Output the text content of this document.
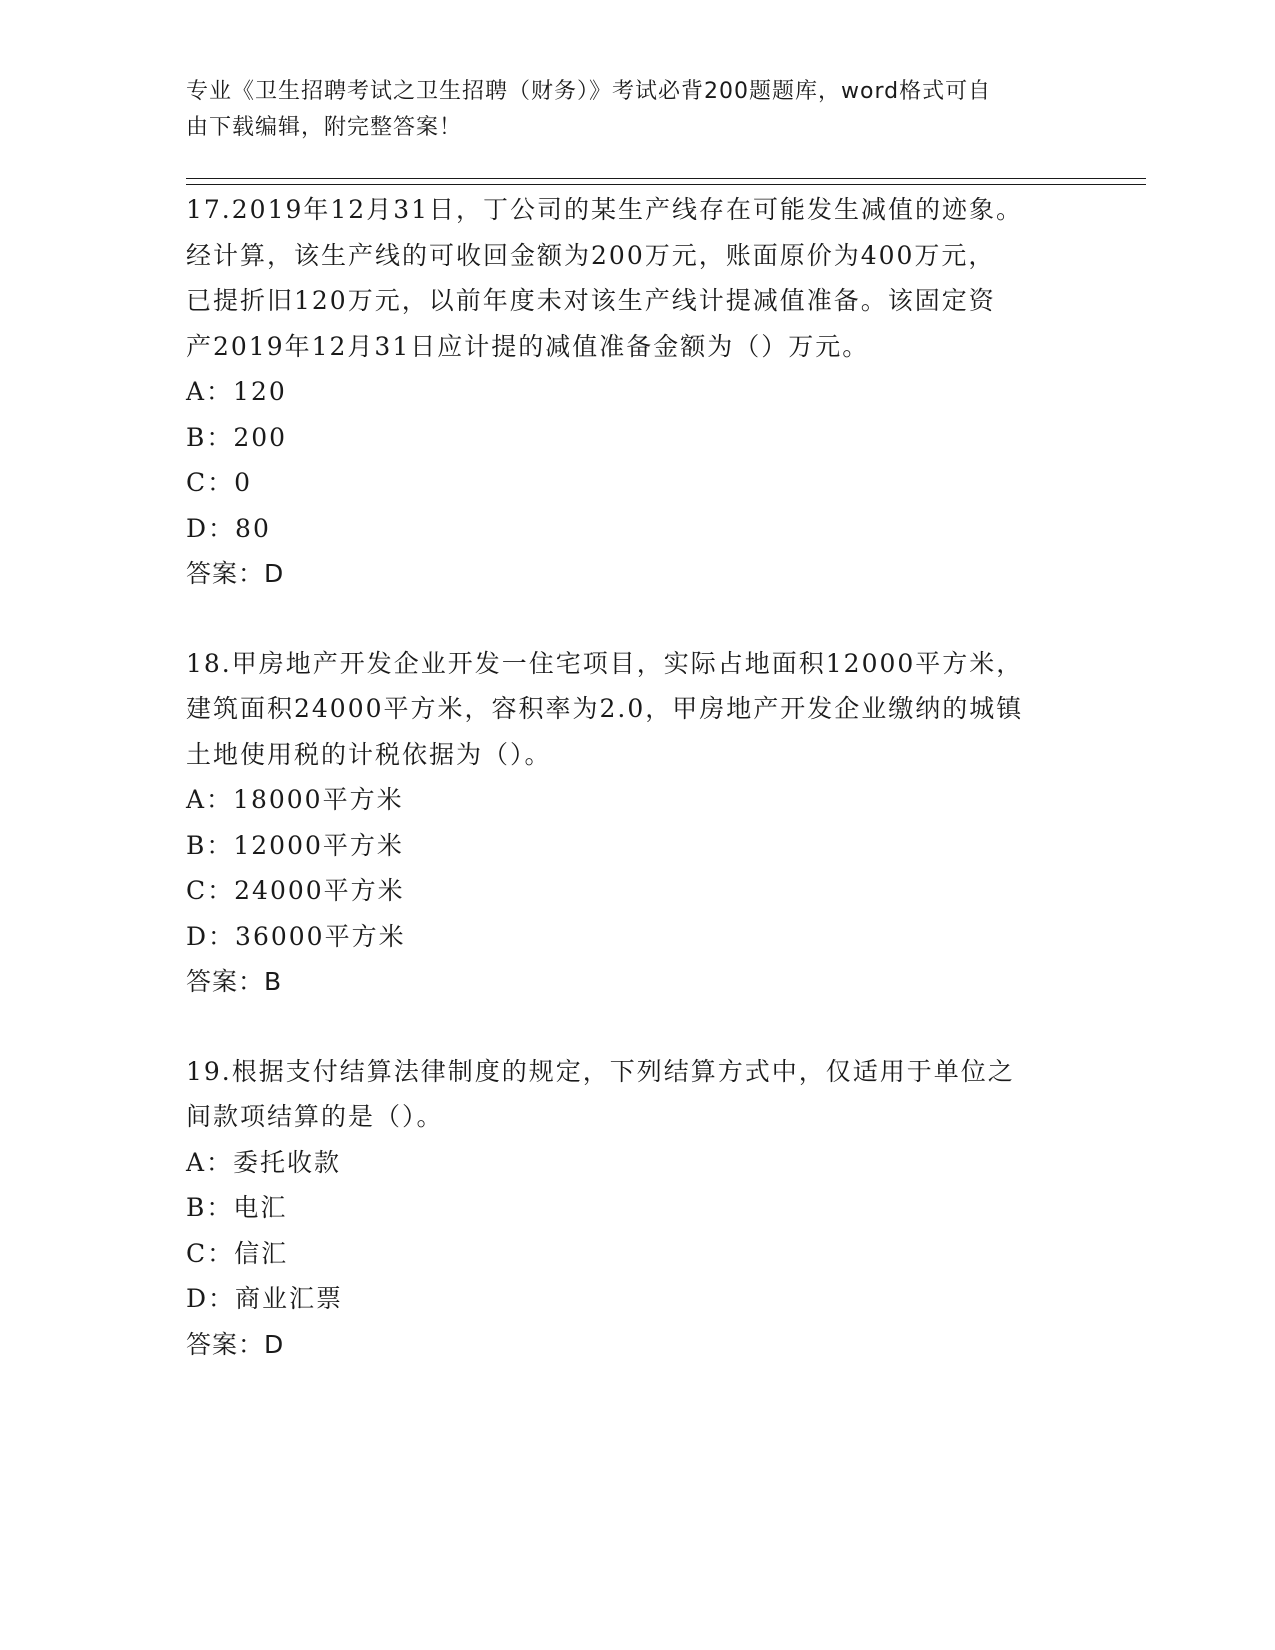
专业《卫生招聘考试之卫生招聘（财务）》考试必背200题题库，word格式可自
由下载编辑，附完整答案！
17.2019年12月31日，丁公司的某生产线存在可能发生减值的迹象。
经计算，该生产线的可收回金额为200万元，账面原价为400万元，
已提折旧120万元，以前年度未对该生产线计提减值准备。该固定资
产2019年12月31日应计提的减值准备金额为（）万元。
A：120
B：200
C：0
D：80
答案：D
18.甲房地产开发企业开发一住宅项目，实际占地面积12000平方米，
建筑面积24000平方米，容积率为2.0，甲房地产开发企业缴纳的城镇
土地使用税的计税依据为（）。
A：18000平方米
B：12000平方米
C：24000平方米
D：36000平方米
答案：B
19.根据支付结算法律制度的规定，下列结算方式中，仅适用于单位之
间款项结算的是（）。
A：委托收款
B：电汇
C：信汇
D：商业汇票
答案：D
